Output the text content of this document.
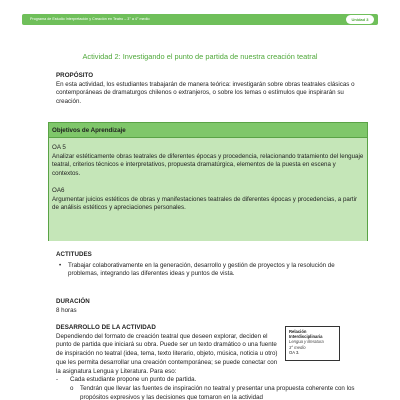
Programa de Estudio Interpretación y Creación en Teatro – 3° a 4° medio	Unidad 3
Actividad 2: Investigando el punto de partida de nuestra creación teatral
PROPÓSITO
En esta actividad, los estudiantes trabajarán de manera teórica: investigarán sobre obras teatrales clásicas o contemporáneas de dramaturgos chilenos o extranjeros, o sobre los temas o estímulos que inspirarán su creación.
Objetivos de Aprendizaje
OA 5
Analizar estéticamente obras teatrales de diferentes épocas y procedencia, relacionando tratamiento del lenguaje teatral, criterios técnicos e interpretativos, propuesta dramatúrgica, elementos de la puesta en escena y contextos.
OA6
Argumentar juicios estéticos de obras y manifestaciones teatrales de diferentes épocas y procedencias, a partir de análisis estéticos y apreciaciones personales.
ACTITUDES
•	Trabajar colaborativamente en la generación, desarrollo y gestión de proyectos y la resolución de problemas, integrando las diferentes ideas y puntos de vista.
DURACIÓN
8 horas
DESARROLLO DE LA ACTIVIDAD
Dependiendo del formato de creación teatral que deseen explorar, deciden el punto de partida que iniciará su obra. Puede ser un texto dramático o una fuente de inspiración no teatral (idea, tema, texto literario, objeto, música, noticia u otro) que les permita desarrollar una creación contemporánea; se puede conectar con la asignatura Lengua y Literatura. Para eso:
-	Cada estudiante propone un punto de partida.
o	Tendrán que llevar las fuentes de inspiración no teatral y presentar una propuesta coherente con los propósitos expresivos y las decisiones que tomaron en la actividad
Relación Interdisciplinaria
Lengua y literatura
3° medio
OA 3.
